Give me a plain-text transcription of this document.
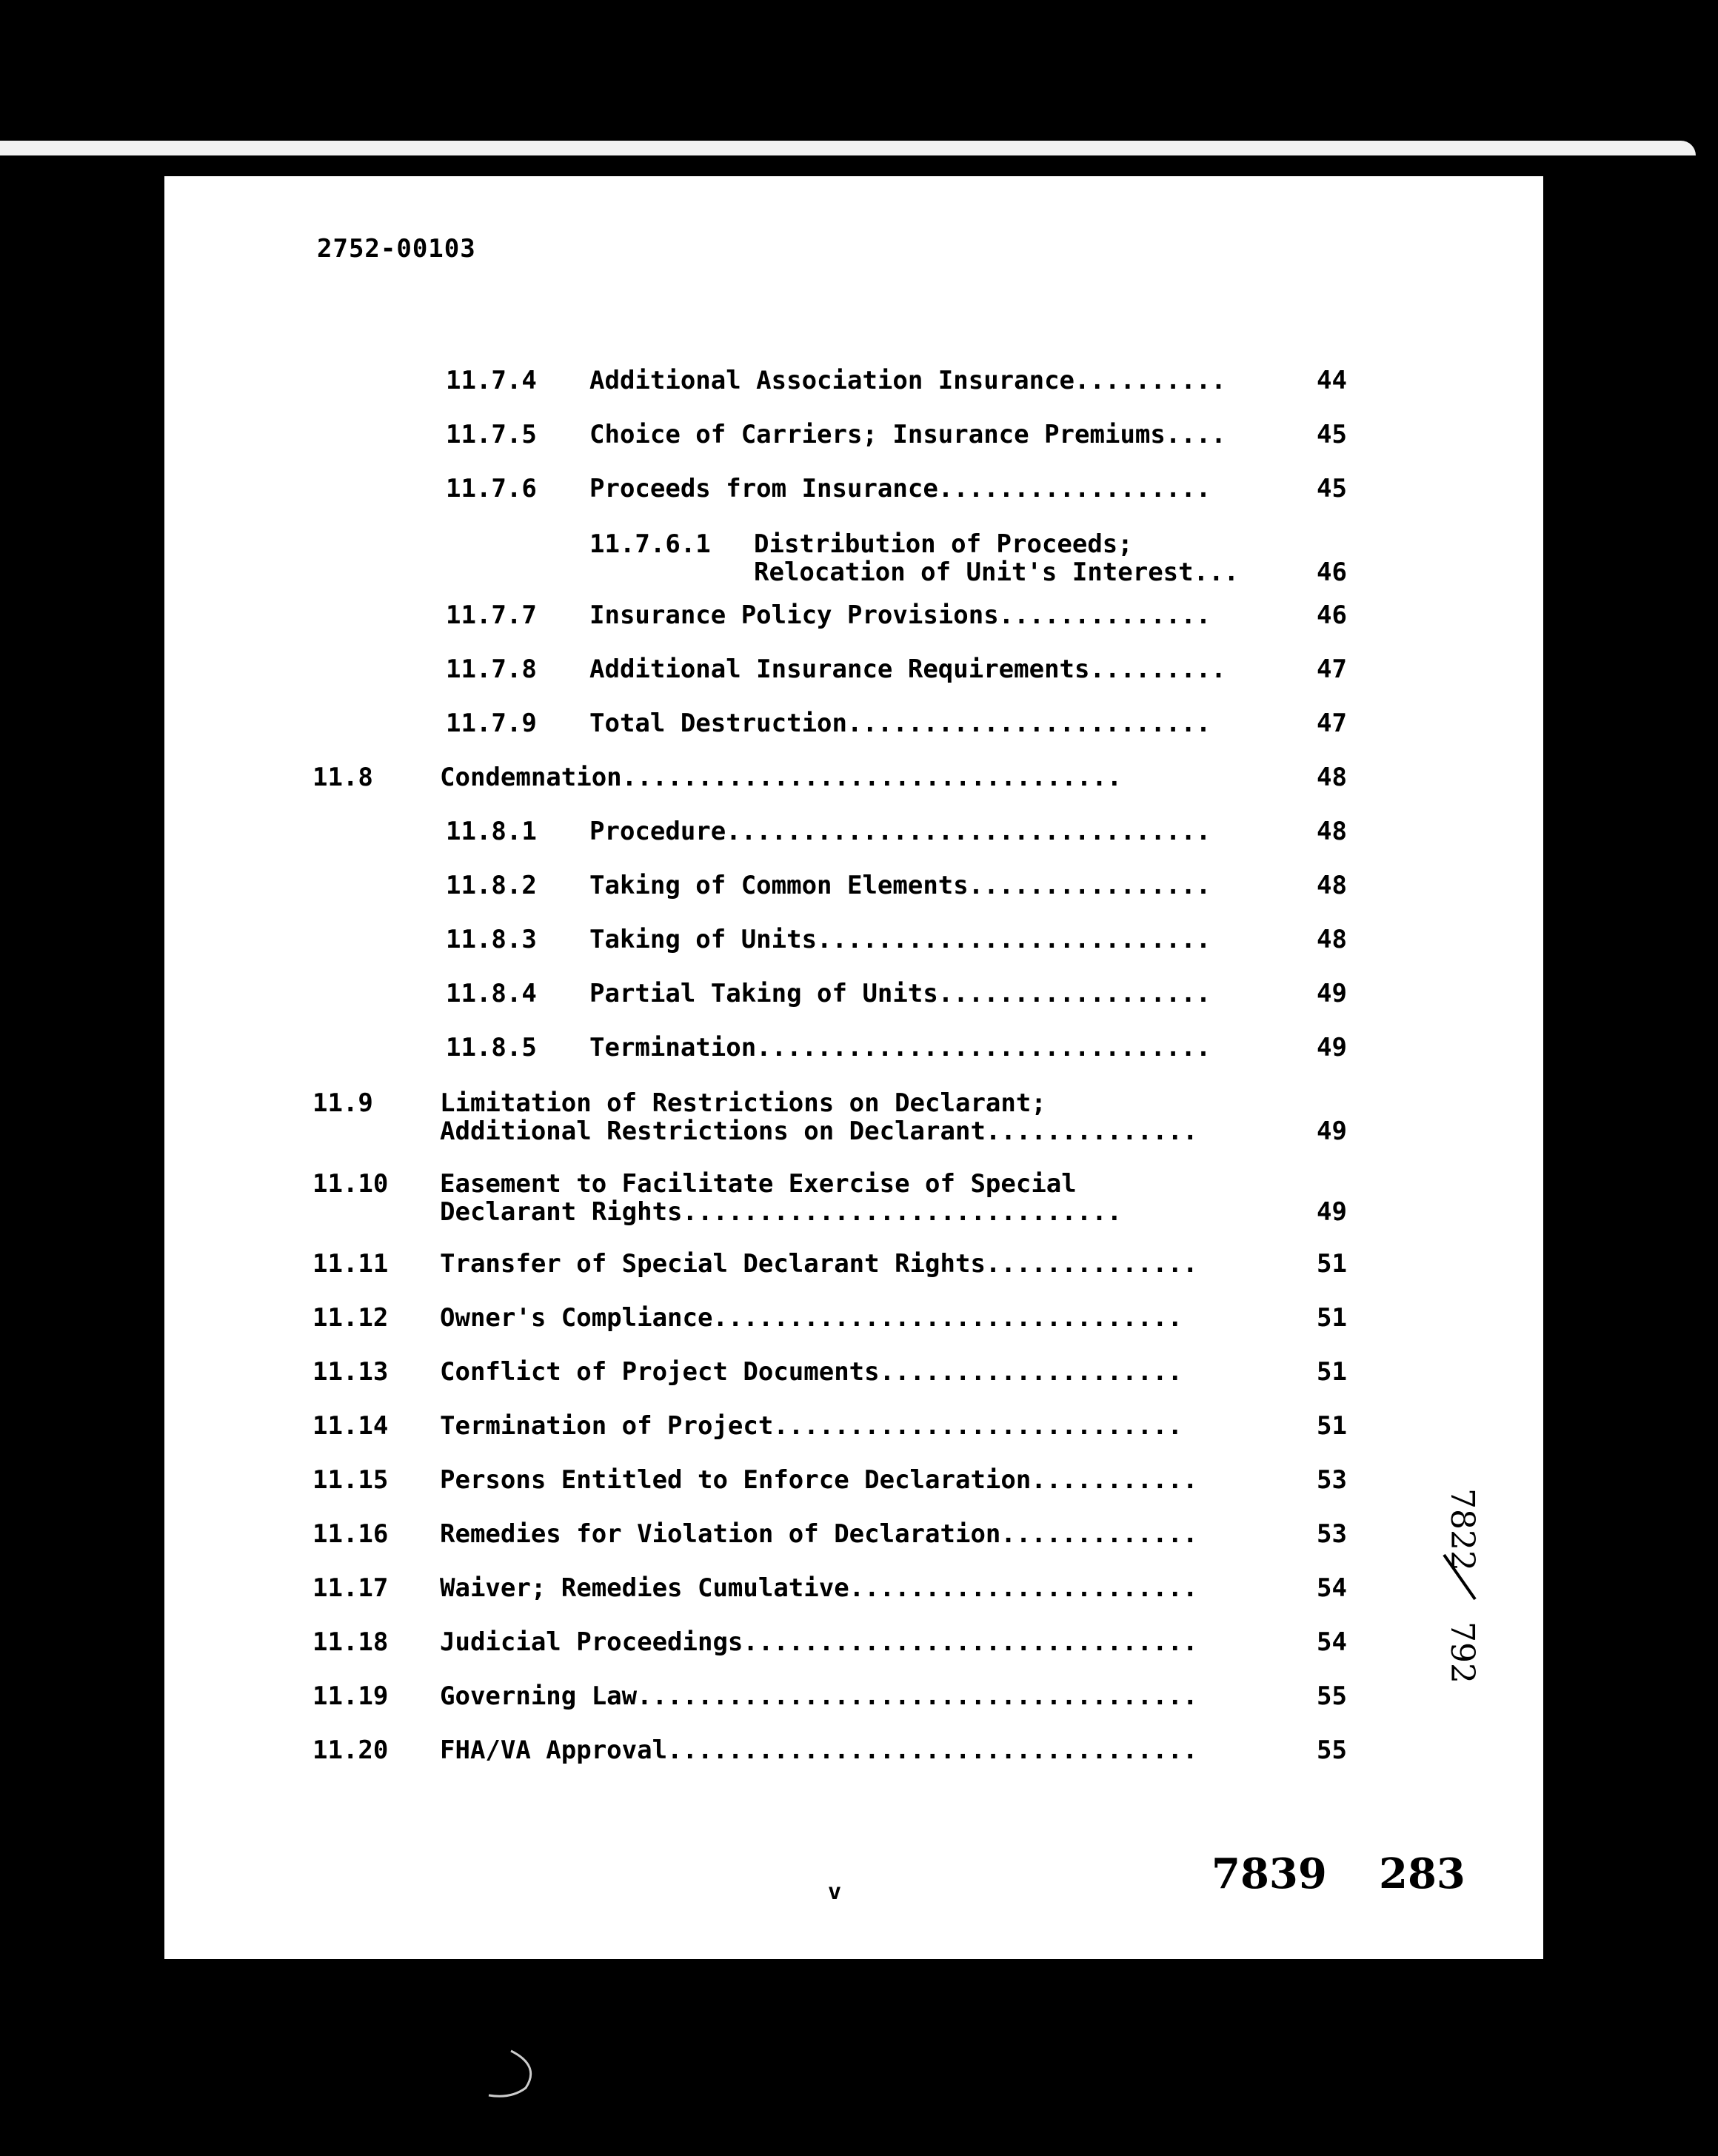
2752-00103
11.7.4 Additional Association Insurance..........	44
11.7.5 Choice of Carriers; Insurance Premiums....	45
11.7.6 Proceeds from Insurance..................	45
11.7.6.1 Distribution of Proceeds;
Relocation of Unit's Interest...	46
11.7.7 Insurance Policy Provisions..............	46
11.7.8 Additional Insurance Requirements.........	47
11.7.9 Total Destruction........................	47
11.8	Condemnation.................................	48
11.8.1 Procedure................................	48
11.8.2 Taking of Common Elements................	48
11.8.3 Taking of Units..........................	48
11.8.4 Partial Taking of Units..................	49
11.8.5 Termination..............................	49
11.9	Limitation of Restrictions on Declarant;
Additional Restrictions on Declarant..............	49
11.10 Easement to Facilitate Exercise of Special
Declarant Rights.............................	49
11.11 Transfer of Special Declarant Rights..............	51
11.12 Owner's Compliance...............................	51
11.13 Conflict of Project Documents....................	51
11.14 Termination of Project...........................	51
11.15 Persons Entitled to Enforce Declaration...........	53
11.16 Remedies for Violation of Declaration.............	53
11.17 Waiver; Remedies Cumulative.......................	54
11.18 Judicial Proceedings..............................	54
11.19 Governing Law.....................................	55
11.20 FHA/VA Approval...................................	55
v	7839 283
7822
792
